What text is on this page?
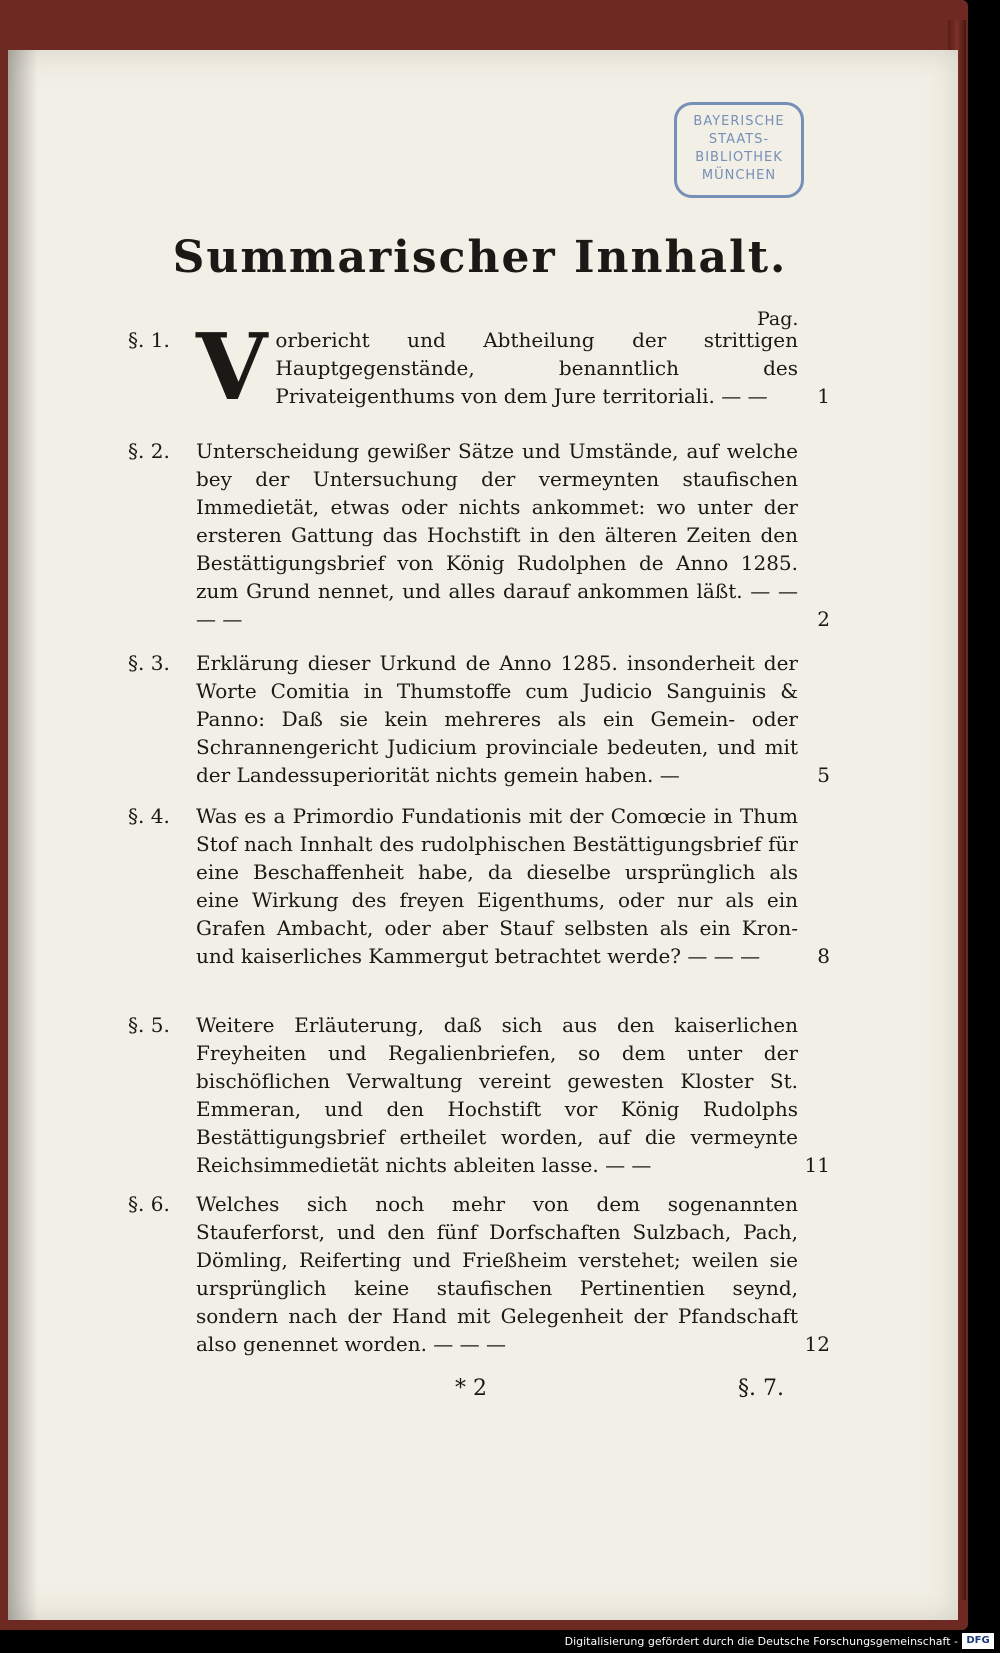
BAYERISCHE
STAATS-
BIBLIOTHEK
MÜNCHEN
Summarischer Innhalt.
Pag.
§. 1. V orbericht und Abtheilung der strittigen Hauptgegenstände, benanntlich des Privateigenthums von dem Jure territoriali. — —	1
§. 2.	Unterscheidung gewißer Sätze und Umstände, auf welche bey der Untersuchung der vermeynten staufischen Immedietät, etwas oder nichts ankommet: wo unter der ersteren Gattung das Hochstift in den älteren Zeiten den Bestättigungsbrief von König Rudolphen de Anno 1285. zum Grund nennet, und alles darauf ankommen läßt. — — — —	2
§. 3.	Erklärung dieser Urkund de Anno 1285. insonderheit der Worte Comitia in Thumstoffe cum Judicio Sanguinis & Panno: Daß sie kein mehreres als ein Gemein- oder Schrannengericht Judicium provinciale bedeuten, und mit der Landessuperiorität nichts gemein haben. —	5
§. 4.	Was es a Primordio Fundationis mit der Comœcie in Thum Stof nach Innhalt des rudolphischen Bestättigungsbrief für eine Beschaffenheit habe, da dieselbe ursprünglich als eine Wirkung des freyen Eigenthums, oder nur als ein Grafen Ambacht, oder aber Stauf selbsten als ein Kron- und kaiserliches Kammergut betrachtet werde? — — —	8
§. 5.	Weitere Erläuterung, daß sich aus den kaiserlichen Freyheiten und Regalienbriefen, so dem unter der bischöflichen Verwaltung vereint gewesten Kloster St. Emmeran, und den Hochstift vor König Rudolphs Bestättigungsbrief ertheilet worden, auf die vermeynte Reichsimmedietät nichts ableiten lasse. — —	11
§. 6.	Welches sich noch mehr von dem sogenannten Stauferforst, und den fünf Dorfschaften Sulzbach, Pach, Dömling, Reiferting und Frießheim verstehet; weilen sie ursprünglich keine staufischen Pertinentien seynd, sondern nach der Hand mit Gelegenheit der Pfandschaft also genennet worden. — — —	12
* 2	§. 7.
Digitalisierung gefördert durch die Deutsche Forschungsgemeinschaft - DFG
